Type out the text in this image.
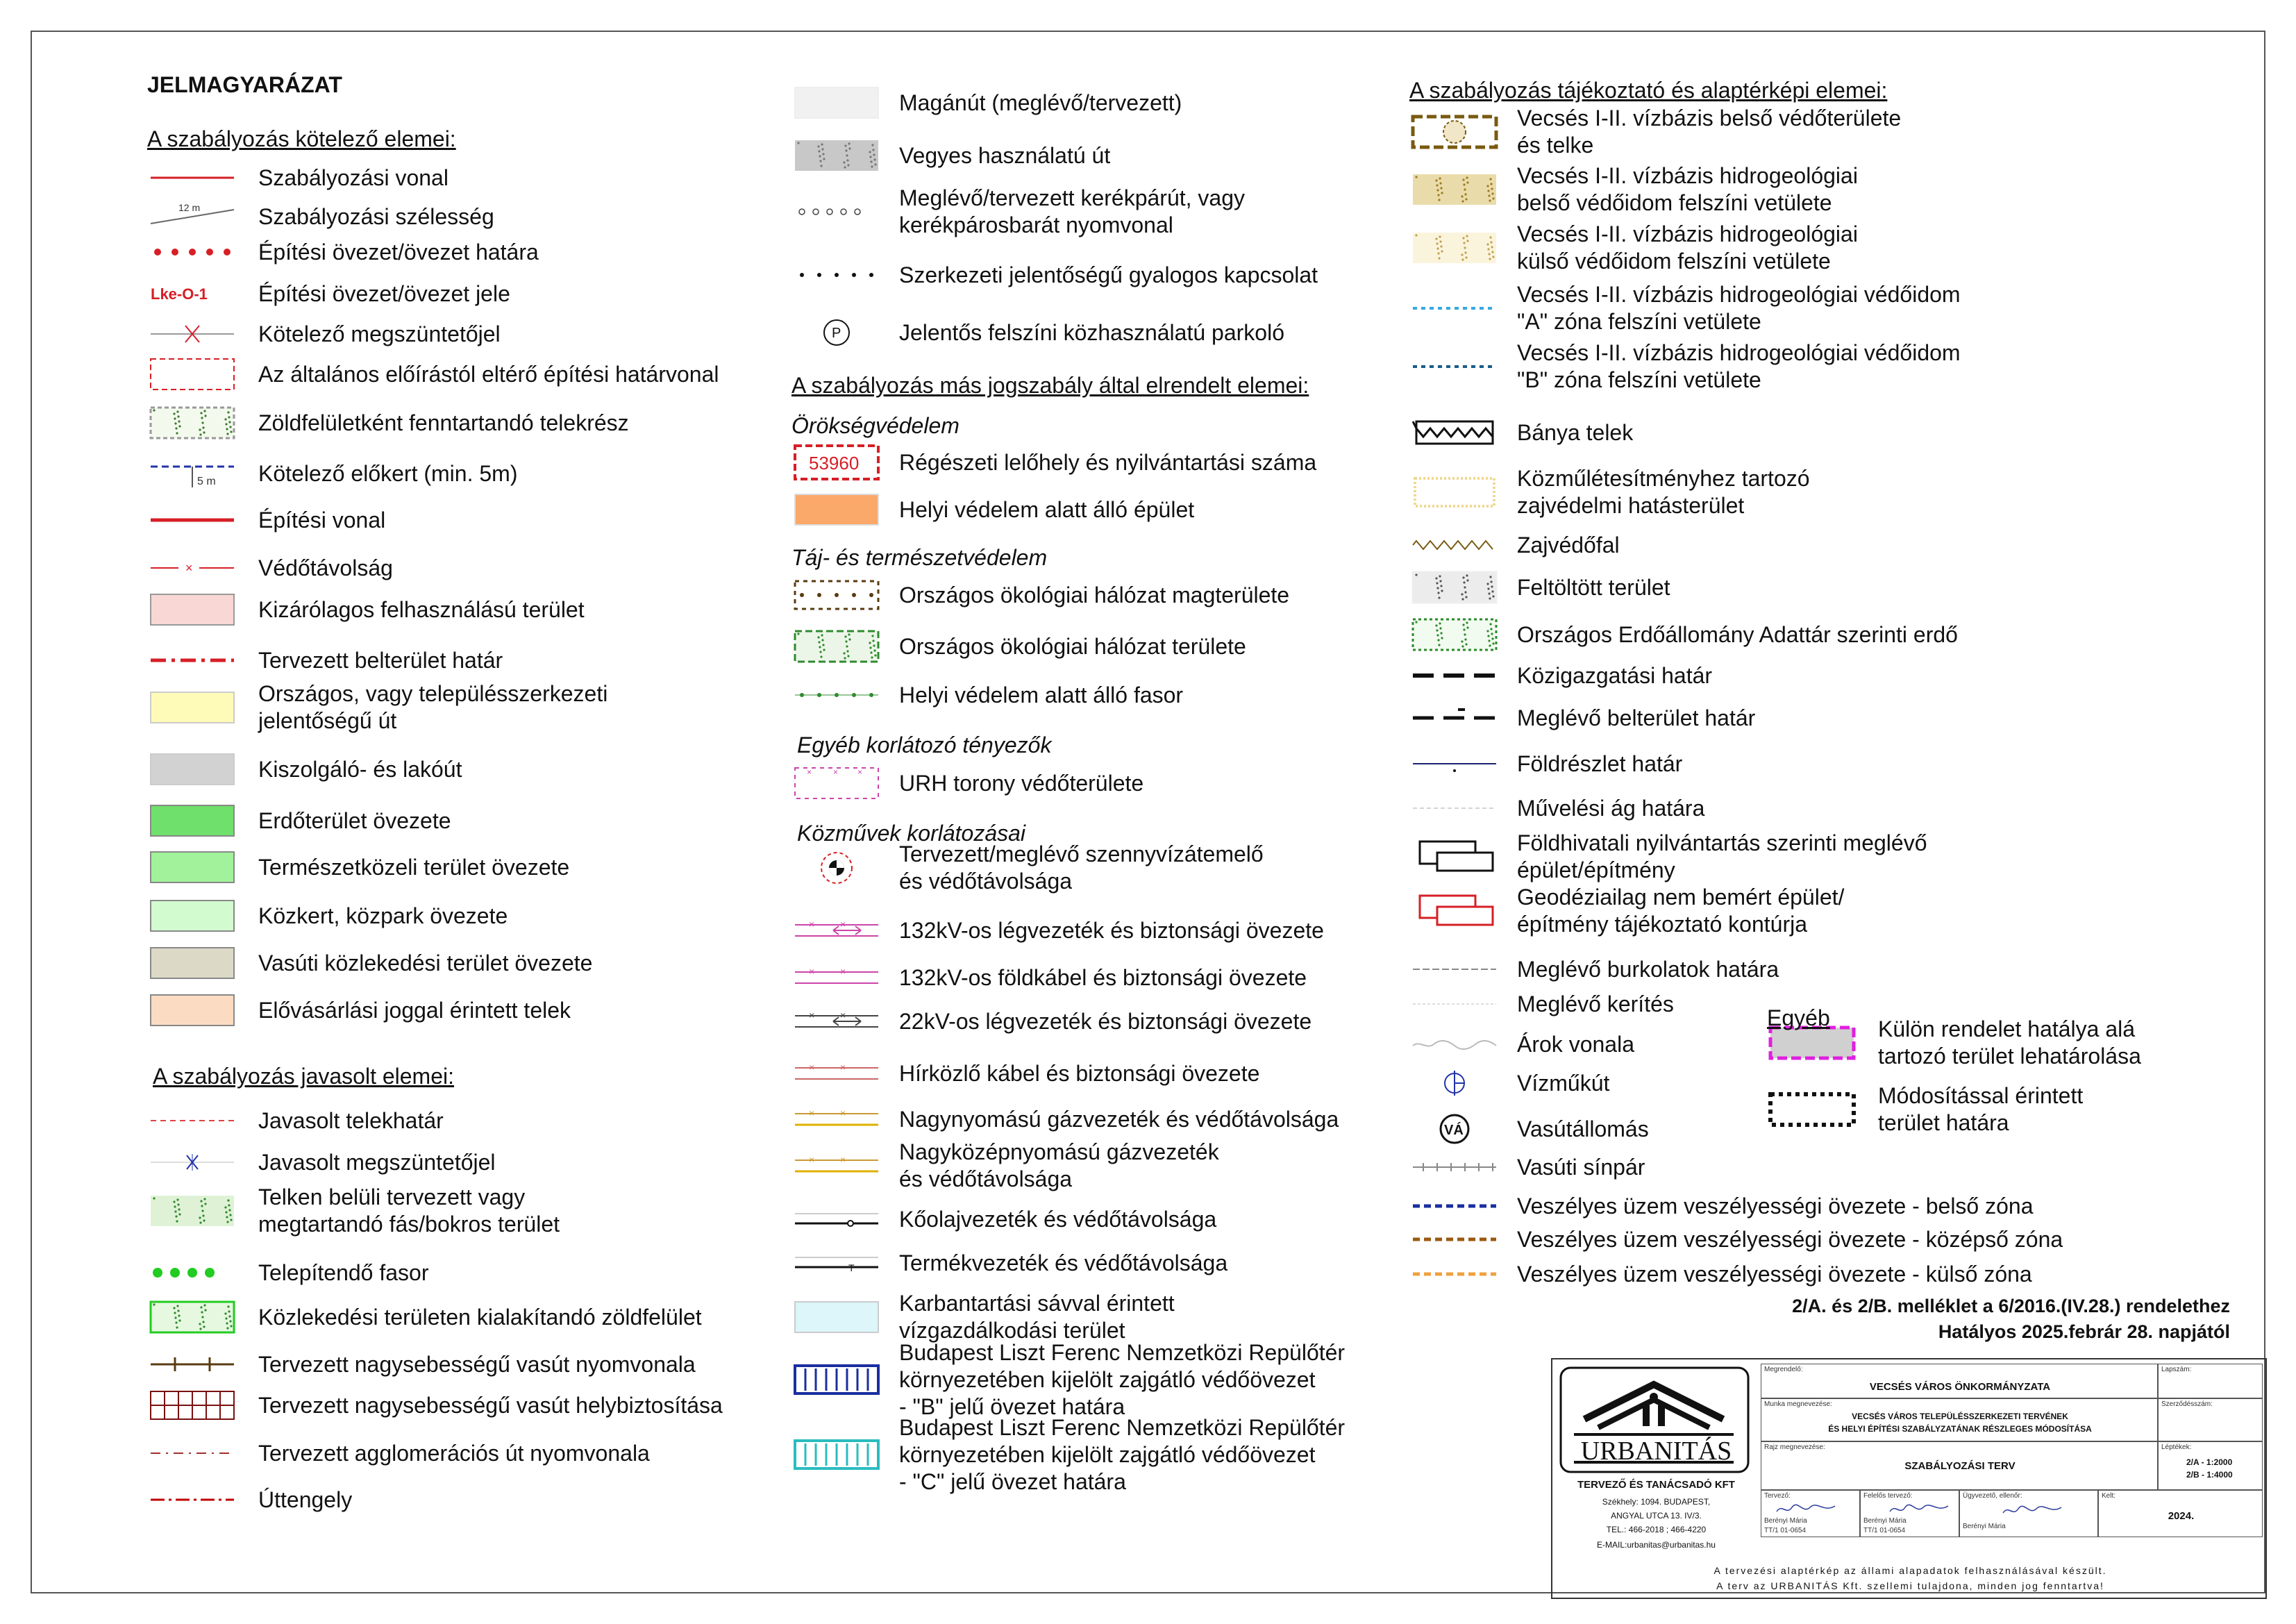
JELMAGYARÁZAT
Szabályozási vonal
12 m	Szabályozási szélesség
Építési övezet/övezet határa
Lke-O-1 Építési övezet/övezet jele
Kötelező megszüntetőjel
Az általános előírástól eltérő építési határvonal
Zöldfelületként fenntartandó telekrész
5 m Kötelező előkert (min. 5m)
Építési vonal
×	Védőtávolság
Kizárólagos felhasználású terület
Tervezett belterület határ
Országos, vagy településszerkezeti
jelentőségű út
Kiszolgáló- és lakóút
Erdőterület övezete
Természetközeli terület övezete
Közkert, közpark övezete
Vasúti közlekedési terület övezete
Elővásárlási joggal érintett telek
Javasolt telekhatár
Javasolt megszüntetőjel
Telken belüli tervezett vagy
megtartandó fás/bokros terület
Telepítendő fasor
Közlekedési területen kialakítandó zöldfelület
Tervezett nagysebességű vasút nyomvonala
Tervezett nagysebességű vasút helybiztosítása
Tervezett agglomerációs út nyomvonala
Úttengely
Magánút (meglévő/tervezett)
Vegyes használatú út
Meglévő/tervezett kerékpárút, vagy
kerékpárosbarát nyomvonal
Szerkezeti jelentőségű gyalogos kapcsolat
P	Jelentős felszíni közhasználatú parkoló
53960 Régészeti lelőhely és nyilvántartási száma
Helyi védelem alatt álló épület
Országos ökológiai hálózat magterülete
Országos ökológiai hálózat területe
Helyi védelem alatt álló fasor
×	× × URH torony védőterülete
Tervezett/meglévő szennyvízátemelő
és védőtávolsága
×	× 132kV-os légvezeték és biztonsági övezete
×	× 132kV-os földkábel és biztonsági övezete
×	× 22kV-os légvezeték és biztonsági övezete
×	× Hírközlő kábel és biztonsági övezete
×	× Nagynyomású gázvezeték és védőtávolsága
×	× Nagyközépnyomású gázvezeték
és védőtávolsága
Kőolajvezeték és védőtávolsága
T Termékvezeték és védőtávolsága
Karbantartási sávval érintett
vízgazdálkodási terület
Budapest Liszt Ferenc Nemzetközi Repülőtér
környezetében kijelölt zajgátló védőövezet
- "B" jelű övezet határa
Budapest Liszt Ferenc Nemzetközi Repülőtér
környezetében kijelölt zajgátló védőövezet
- "C" jelű övezet határa
Vecsés I-II. vízbázis belső védőterülete
és telke
Vecsés I-II. vízbázis hidrogeológiai
belső védőidom felszíni vetülete
Vecsés I-II. vízbázis hidrogeológiai
külső védőidom felszíni vetülete
Vecsés I-II. vízbázis hidrogeológiai védőidom
"A" zóna felszíni vetülete
Vecsés I-II. vízbázis hidrogeológiai védőidom
"B" zóna felszíni vetülete
Bánya telek
Közműlétesítményhez tartozó
zajvédelmi hatásterület
Zajvédőfal
Feltöltött terület
Országos Erdőállomány Adattár szerinti erdő
Közigazgatási határ
Meglévő belterület határ
Földrészlet határ
Művelési ág határa
Földhivatali nyilvántartás szerinti meglévő
épület/építmény
Geodéziailag nem bemért épület/
építmény tájékoztató kontúrja
Meglévő burkolatok határa
Meglévő kerítés
Árok vonala
Vízműkút
VÁ Vasútállomás
Vasúti sínpár
Veszélyes üzem veszélyességi övezete - belső zóna
Veszélyes üzem veszélyességi övezete - középső zóna
Veszélyes üzem veszélyességi övezete - külső zóna
Külön rendelet hatálya alá
tartozó terület lehatárolása
Módosítással érintett
terület határa
A szabályozás kötelező elemei:
A szabályozás javasolt elemei:
A szabályozás más jogszabály által elrendelt elemei:
Örökségvédelem
Táj- és természetvédelem
Egyéb korlátozó tényezők
Közművek korlátozásai
A szabályozás tájékoztató és alaptérképi elemei:
Egyéb
2/A. és 2/B. melléklet a 6/2016.(IV.28.) rendelethez
Hatályos 2025.febrár 28. napjától
URBANITÁS
TERVEZŐ ÉS TANÁCSADÓ KFT
Székhely: 1094. BUDAPEST,
ANGYAL UTCA 13. IV/3.
TEL.: 466-2018 ; 466-4220
E-MAIL:urbanitas@urbanitas.hu
Megrendelő:
VECSÉS VÁROS ÖNKORMÁNYZATA
Lapszám:
Munka megnevezése:
VECSÉS VÁROS TELEPÜLÉSSZERKEZETI TERVÉNEK
ÉS HELYI ÉPÍTÉSI SZABÁLYZATÁNAK RÉSZLEGES MÓDOSÍTÁSA
Szerződésszám:
Rajz megnevezése:
SZABÁLYOZÁSI TERV
Léptékek:
2/A - 1:2000
2/B - 1:4000
Tervező:
Berényi Mária
TT/1 01-0654
Felelős tervező:
Berényi Mária
TT/1 01-0654
Ügyvezető, ellenőr:
Berényi Mária
Kelt:
2024.
A tervezési alaptérkép az állami alapadatok felhasználásával készült.
A terv az URBANITÁS Kft. szellemi tulajdona, minden jog fenntartva!
